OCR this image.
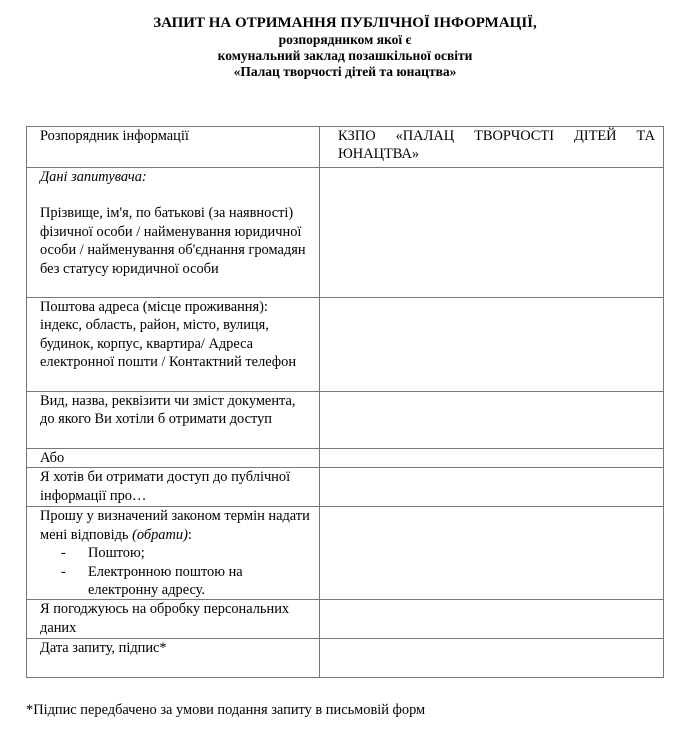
ЗАПИТ НА ОТРИМАННЯ ПУБЛІЧНОЇ ІНФОРМАЦІЇ,
розпорядником якої є
комунальний заклад позашкільної освіти
«Палац творчості дітей та юнацтва»
Розпорядник інформації	КЗПО «ПАЛАЦ ТВОРЧОСТІ ДІТЕЙ ТА ЮНАЦТВА»

Дані запитувача:
Прізвище, ім'я, по батькові (за наявності) фізичної особи / найменування юридичної особи / найменування об'єднання громадян без статусу юридичної особи	

Поштова адреса (місце проживання): індекс, область, район, місто, вулиця, будинок, корпус, квартира/ Адреса електронної пошти / Контактний телефон	
Вид, назва, реквізити чи зміст документа, до якого Ви хотіли б отримати доступ	
Або	
Я хотів би отримати доступ до публічної інформації про…	

Прошу у визначений законом термін надати мені відповідь (обрати):
- Поштою;
- Електронною поштою на електронну адресу.	

Я погоджуюсь на обробку персональних даних	
Дата запиту, підпис*	
*Підпис передбачено за умови подання запиту в письмовій форм
